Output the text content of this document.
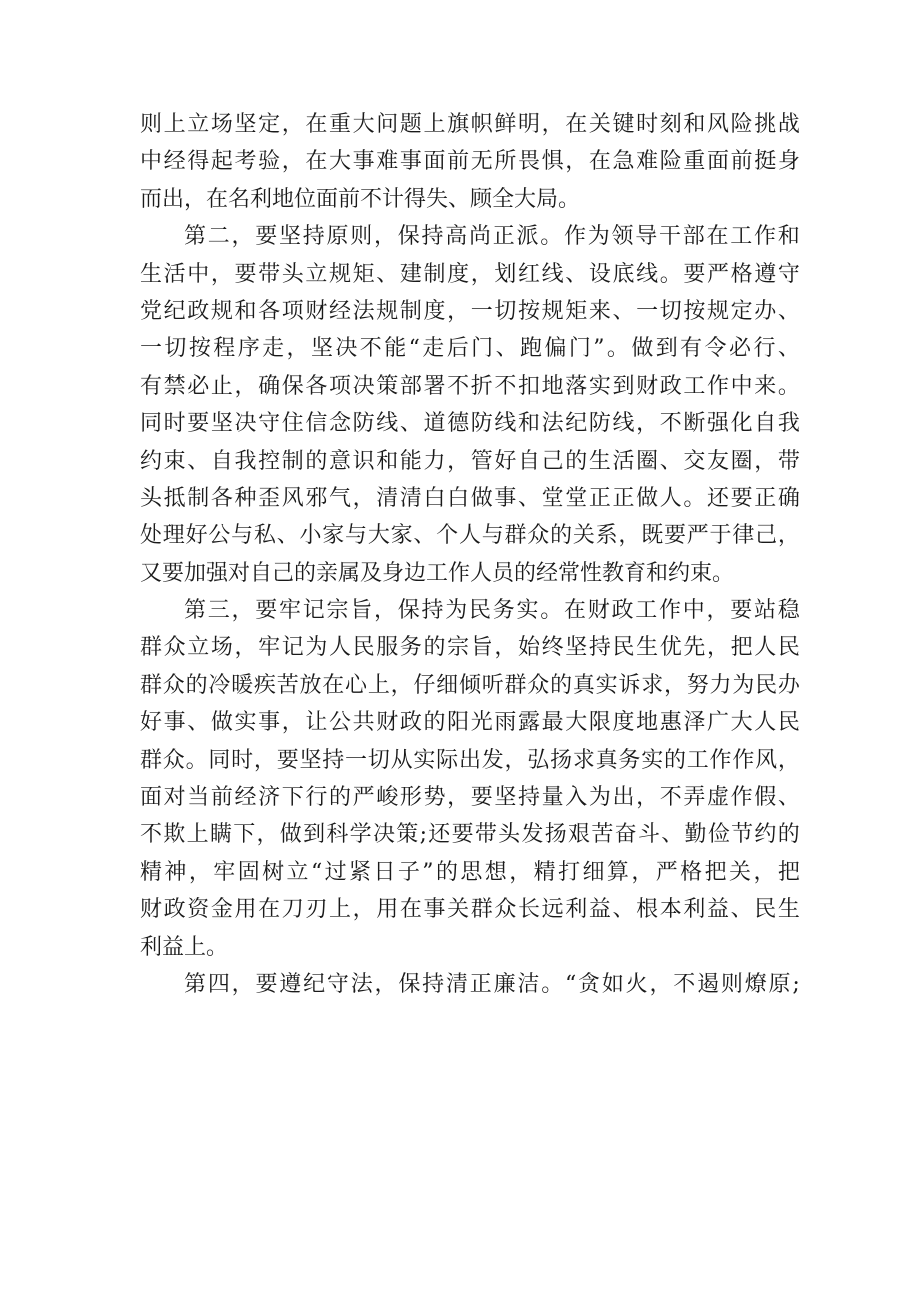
则 上 立 场 坚 定 ， 在 重 大 问 题 上 旗 帜 鲜 明 ， 在 关 键 时 刻 和 风 险 挑 战
中 经 得 起 考 验 ， 在 大 事 难 事 面 前 无 所 畏 惧 ， 在 急 难 险 重 面 前 挺 身
而出，在名利地位面前不计得失、顾全大局。
第 二 ， 要 坚 持 原 则 ， 保 持 高 尚 正 派 。 作 为 领 导 干 部 在 工 作 和
生 活 中 ， 要 带 头 立 规 矩 、 建 制 度 ， 划 红 线 、 设 底 线 。 要 严 格 遵 守
党 纪 政 规 和 各 项 财 经 法 规 制 度 ， 一 切 按 规 矩 来 、 一 切 按 规 定 办 、
一 切 按 程 序 走 ， 坚 决 不 能 “ 走 后 门 、 跑 偏 门 ” 。 做 到 有 令 必 行 、
有 禁 必 止 ， 确 保 各 项 决 策 部 署 不 折 不 扣 地 落 实 到 财 政 工 作 中 来 。
同 时 要 坚 决 守 住 信 念 防 线 、 道 德 防 线 和 法 纪 防 线 ， 不 断 强 化 自 我
约 束 、 自 我 控 制 的 意 识 和 能 力 ， 管 好 自 己 的 生 活 圈 、 交 友 圈 ， 带
头 抵 制 各 种 歪 风 邪 气 ， 清 清 白 白 做 事 、 堂 堂 正 正 做 人 。 还 要 正 确
处 理 好 公 与 私 、 小 家 与 大 家 、 个 人 与 群 众 的 关 系 ， 既 要 严 于 律 己 ，
又要加强对自己的亲属及身边工作人员的经常性教育和约束。
第 三 ， 要 牢 记 宗 旨 ， 保 持 为 民 务 实 。 在 财 政 工 作 中 ， 要 站 稳
群 众 立 场 ， 牢 记 为 人 民 服 务 的 宗 旨 ， 始 终 坚 持 民 生 优 先 ， 把 人 民
群 众 的 冷 暖 疾 苦 放 在 心 上 ， 仔 细 倾 听 群 众 的 真 实 诉 求 ， 努 力 为 民 办
好 事 、 做 实 事 ， 让 公 共 财 政 的 阳 光 雨 露 最 大 限 度 地 惠 泽 广 大 人 民
群 众 。 同 时 ， 要 坚 持 一 切 从 实 际 出 发 ， 弘 扬 求 真 务 实 的 工 作 作 风 ，
面 对 当 前 经 济 下 行 的 严 峻 形 势 ， 要 坚 持 量 入 为 出 ， 不 弄 虚 作 假 、
不 欺 上 瞒 下 ， 做 到 科 学 决 策 ; 还 要 带 头 发 扬 艰 苦 奋 斗 、 勤 俭 节 约 的
精 神 ， 牢 固 树 立 “ 过 紧 日 子 ” 的 思 想 ， 精 打 细 算 ， 严 格 把 关 ， 把
财 政 资 金 用 在 刀 刃 上 ， 用 在 事 关 群 众 长 远 利 益 、 根 本 利 益 、 民 生
利益上。
第 四 ， 要 遵 纪 守 法 ， 保 持 清 正 廉 洁 。 “ 贪 如 火 ， 不 遏 则 燎 原 ;
